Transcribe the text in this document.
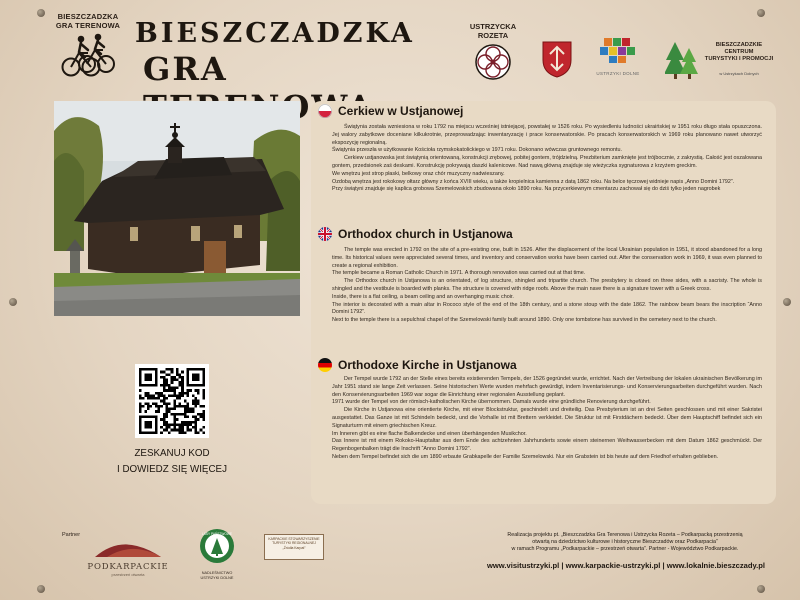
BIESZCZADZKA
GRA TERENOWA BIESZCZADZKA
GRA
USTRZYCKA
ROZETA
USTRZYKI DOLNE
BIESZCZADZKIE
CENTRUM
TURYSTYKI I PROMOCJI
w Ustrzykach Dolnych
Cerkiew w Ustjanowej

Świątynia została wzniesiona w roku 1792 na miejscu wcześniej istniejącej, powstałej w 1526 roku. Po wysiedleniu ludności ukraińskiej w 1951 roku długo stała opuszczona. Jej walory zabytkowe doceniane kilkukrotnie, przeprowadzając inwentaryzację i prace konserwatorskie. Po pracach konserwatorskich w 1969 roku planowano nawet utworzyć ekspozycję regionalną.

Świątynia przeszła w użytkowanie Kościoła rzymskokatolickiego w 1971 roku. Dokonano wówczas gruntownego remontu.

Cerkiew ustjanowska jest świątynią orientowaną, konstrukcji zrębowej, pobitej gontem, trójdzielną. Prezbiterium zamknięte jest trójbocznie, z zakrystią. Całość jest oszalowana gontem, przedsionek zaś deskami. Konstrukcję pokrywają daszki kalenicowe. Nad nawą główną znajduje się wieżyczka sygnaturowa z krzyżem greckim.

We wnętrzu jest strop płaski, belkowy oraz chór muzyczny nadwieszany.

Ozdobą wnętrza jest rokokowy ołtarz główny z końca XVIII wieku, a także kropielnica kamienna z datą 1862 roku. Na belce tęczowej widnieje napis „Anno Domini 1792”.

Przy świątyni znajduje się kaplica grobowa Szemelowskich zbudowana około 1890 roku. Na przycerkiewnym cmentarzu zachował się do dziś tylko jeden nagrobek

Orthodox church in Ustjanowa

The temple was erected in 1792 on the site of a pre-existing one, built in 1526. After the displacement of the local Ukrainian population in 1951, it stood abandoned for a long time. Its historical values were appreciated several times, and inventory and conservation works have been carried out. After the conservation work in 1969, it was even planned to create a regional exhibition.

The temple became a Roman Catholic Church in 1971. A thorough renovation was carried out at that time.

The Orthodox church in Ustjanowa is an orientated, of log structure, shingled and tripartite church. The presbytery is closed on three sides, with a sacristy. The whole is shingled and the vestibule is boarded with planks. The structure is covered with ridge roofs. Above the main nave there is a signature tower with a Greek cross.

Inside, there is a flat ceiling, a beam ceiling and an overhanging music choir.

The interior is decorated with a main altar in Rococo style of the end of the 18th century, and a stone stoup with the date 1862. The rainbow beam bears the inscription “Anno Domini 1792”.

Next to the temple there is a sepulchral chapel of the Szemelowski family built around 1890. Only one tombstone has survived in the cemetery next to the church.

Orthodoxe Kirche in Ustjanowa

Der Tempel wurde 1792 an der Stelle eines bereits existierenden Tempels, der 1526 gegründet wurde, errichtet. Nach der Vertreibung der lokalen ukrainischen Bevölkerung im Jahr 1951 stand sie lange Zeit verlassen. Seine historischen Werte wurden mehrfach gewürdigt, indem Inventarisierungs- und Konservierungsarbeiten durchgeführt wurden. Nach den Konservierungsarbeiten 1969 war sogar die Einrichtung einer regionalen Ausstellung geplant.

1971 wurde der Tempel von der römisch-katholischen Kirche übernommen. Damals wurde eine gründliche Renovierung durchgeführt.

Die Kirche in Ustjanowa eine orientierte Kirche, mit einer Blockstruktur, geschindelt und dreiteilig. Das Presbyterium ist an drei Seiten geschlossen und mit einer Sakristei ausgestattet. Das Ganze ist mit Schindeln bedeckt, und die Vorhalle ist mit Brettern verkleidet. Die Struktur ist mit Firstdächern bedeckt. Über dem Hauptschiff befindet sich ein Signaturturm mit einem griechischen Kreuz.

Im Inneren gibt es eine flache Balkendecke und einen überhängenden Musikchor.

Das Innere ist mit einem Rokoko-Hauptaltar aus dem Ende des achtzehnten Jahrhunderts sowie einem steinernen Weihwasserbecken mit dem Datum 1862 geschmückt. Der Regenbogenbalken trägt die Inschrift “Anno Domini 1792”.

Neben dem Tempel befindet sich die um 1890 erbaute Grabkapelle der Familie Szemelowski. Nur ein Grabstein ist bis heute auf dem Friedhof erhalten geblieben.

ZESKANUJ KOD
I DOWIEDZ SIĘ WIĘCEJ
Partner
PODKARPACKIE
przestrzeń otwarta
LASY PAŃSTWOWE
NADLEŚNICTWO
USTRZYKI DOLNE
KARPACKIE STOWARZYSZENIE
TURYSTYKI REGIONALNEJ
„Źródła Karpat”
Realizacja projektu pt. „Bieszczadzka Gra Terenowa i Ustrzycka Rozeta – Podkarpacką przestrzenią
otwartą na dziedzictwo kulturowe i historyczne Bieszczadów oraz Podkarpacia”
w ramach Programu „Podkarpackie – przestrzeń otwarta”. Partner - Województwo Podkarpackie.
www.visitustrzyki.pl | www.karpackie-ustrzyki.pl | www.lokalnie.bieszczady.pl
